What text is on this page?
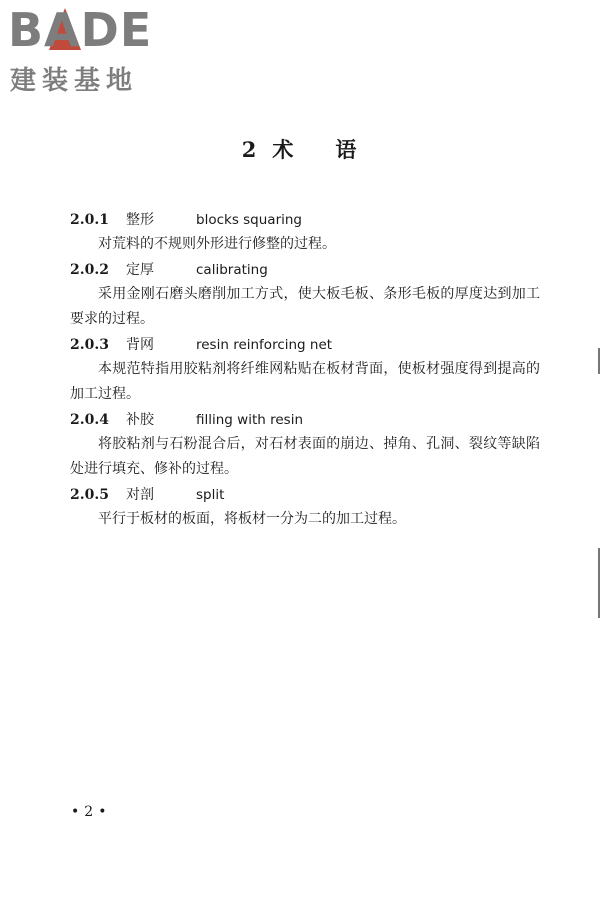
BADE
建装基地
2 术 语
2.0.1 整形	blocks squaring
对荒料的不规则外形进行修整的过程。
2.0.2 定厚	calibrating
采用金刚石磨头磨削加工方式，使大板毛板、条形毛板的厚度达到加工要求的过程。
2.0.3 背网	resin reinforcing net
本规范特指用胶粘剂将纤维网粘贴在板材背面，使板材强度得到提高的加工过程。
2.0.4 补胶	filling with resin
将胶粘剂与石粉混合后，对石材表面的崩边、掉角、孔洞、裂纹等缺陷处进行填充、修补的过程。
2.0.5 对剖	split
平行于板材的板面，将板材一分为二的加工过程。
• 2 •
